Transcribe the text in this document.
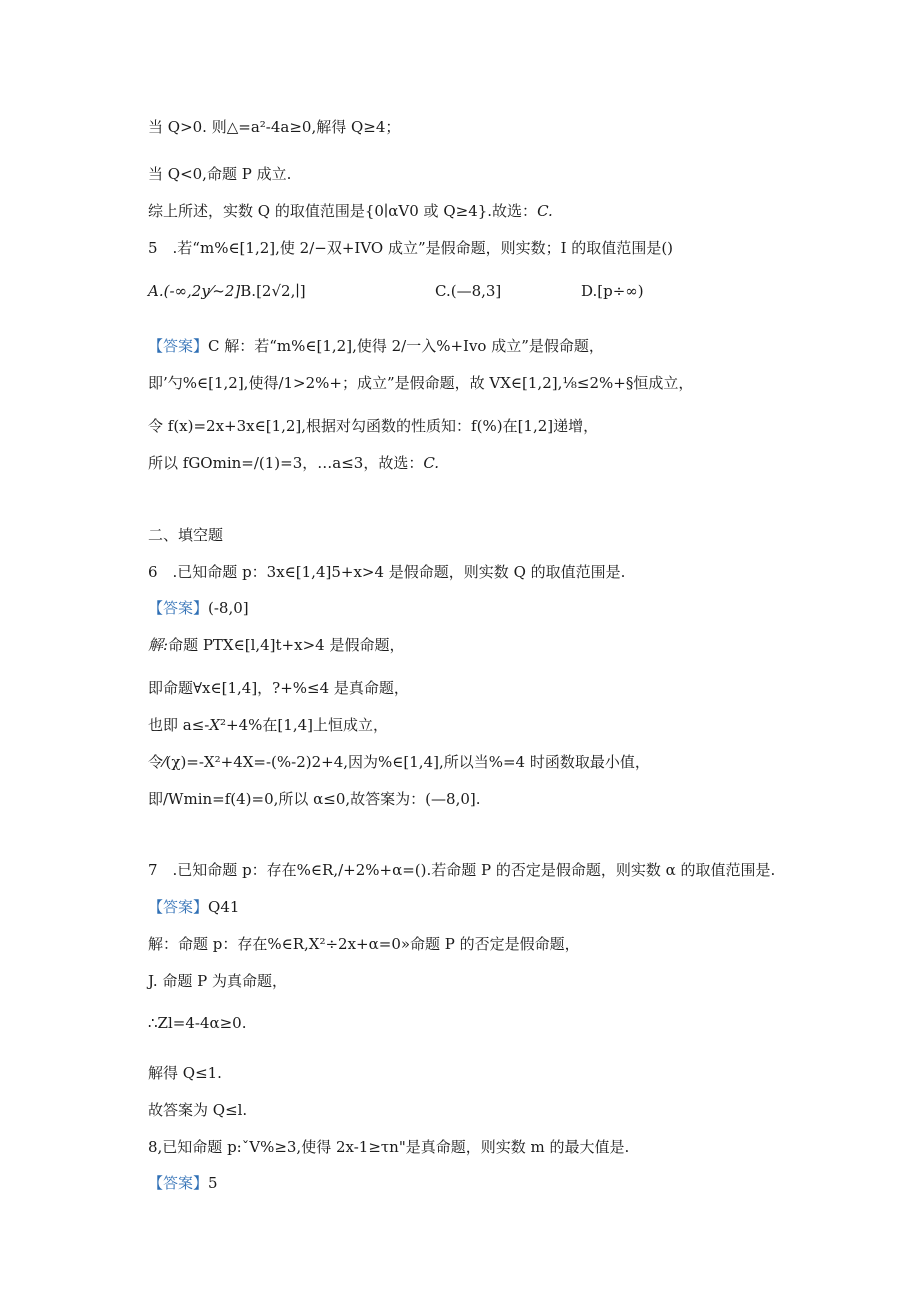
当 Q>0. 则△=a²-4a≥0,解得 Q≥4；
当 Q<0,命题 P 成立.
综上所述，实数 Q 的取值范围是{0∣αV0 或 Q≥4}.故选：C.
5　.若“m%∈[1,2],使 2/−双+IVO 成立”是假命题，则实数；I 的取值范围是()
A.(-∞,2y⁄~2]B.[2√2,∣]	C.(—8,3]	D.[p÷∞)
【答案】C 解：若“m%∈[1,2],使得 2/一入%+Ivo 成立”是假命题，
即’勺%∈[1,2],使得/1>2%+；成立”是假命题，故 VX∈[1,2],⅛≤2%+§恒成立，
令 f(x)=2x+3x∈[1,2],根据对勾函数的性质知：f(%)在[1,2]递增，
所以 fGOmin=/(1)=3，…a≤3，故选：C.
二、填空题
6　.已知命题 p：3x∈[1,4]5+x>4 是假命题，则实数 Q 的取值范围是.
【答案】(-8,0]
解:命题 PTX∈[l,4]t+x>4 是假命题，
即命题∀x∈[1,4]，?+%≤4 是真命题，
也即 a≤-X²+4%在[1,4]上恒成立，
令⁄(χ)=-X²+4X=-(%-2)2+4,因为%∈[1,4],所以当%=4 时函数取最小值，
即/Wmin=f(4)=0,所以 α≤0,故答案为：(—8,0].
7　.已知命题 p：存在%∈R,/+2%+α=().若命题 P 的否定是假命题，则实数 α 的取值范围是.
【答案】Q41
解：命题 p：存在%∈R,X²÷2x+α=0»命题 P 的否定是假命题，
J. 命题 P 为真命题，
∴Zl=4-4α≥0.
解得 Q≤1.
故答案为 Q≤l.
8,已知命题 p:ˇV%≥3,使得 2x-1≥τn"是真命题，则实数 m 的最大值是.
【答案】5
